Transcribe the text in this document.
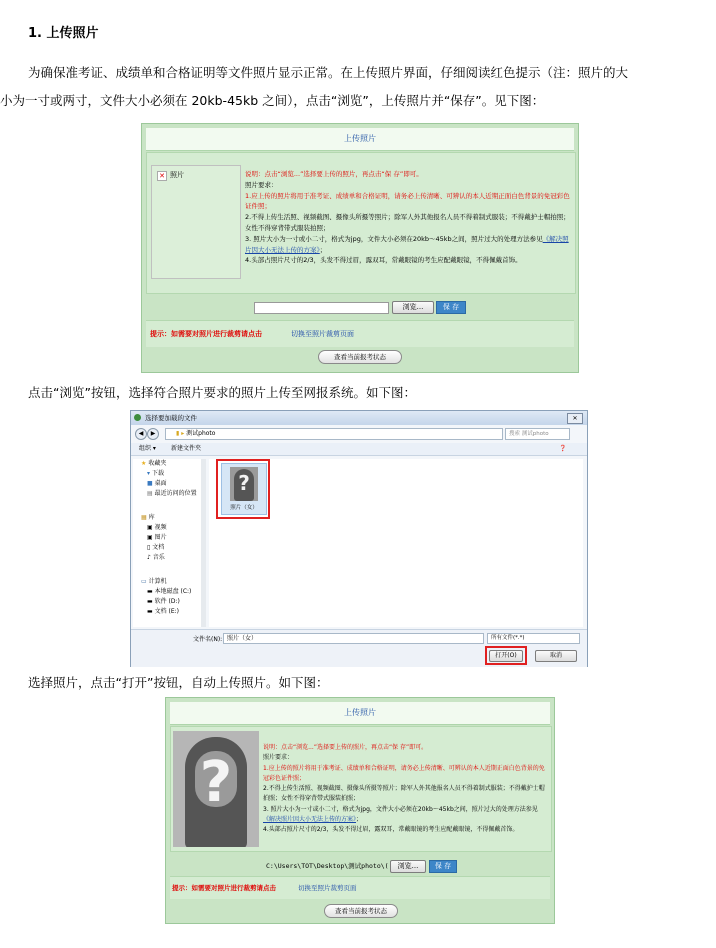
1. 上传照片
为确保准考证、成绩单和合格证明等文件照片显示正常。在上传照片界面，仔细阅读红色提示（注：照片的大
小为一寸或两寸，文件大小必须在 20kb-45kb 之间），点击“浏览”，上传照片并“保存”。见下图：
上传照片
✕ 照片	说明：点击“浏览...”选择要上传的照片，再点击“保 存”即可。
照片要求：
1.应上传的照片将用于准考证、成绩单和合格证明，请务必上传清晰、可辨认的本人近期正面白色背景的免冠彩色证件照；
2.不得上传生活照、视频截图、摄像头所摄等照片；除军人外其他报名人员不得着制式服装；不得戴护士帽拍照；女性不得穿背带式服装拍照；
3. 照片大小为一寸或小二寸，格式为jpg，文件大小必须在20kb～45kb之间，照片过大的处理方法参见《解决照片因大小无法上传的方案》；
4.头部占照片尺寸的2/3，头发不得过眉，露双耳，常戴眼镜的考生应配戴眼镜，不得佩戴首饰。
浏览...	保 存
提示：如需要对照片进行裁剪请点击	切换至照片裁剪页面
查看当前报考状态
点击“浏览”按钮，选择符合照片要求的照片上传至网报系统。如下图：
选择要加载的文件	✕
◀	▶	▮ ▸ 测试photo	搜索 测试photo
组织 ▾	新建文件夹	❓
★ 收藏夹
▾ 下载
■ 桌面
▤ 最近访问的位置
▦ 库
▣ 视频
▣ 图片
▯ 文档
♪ 音乐
▭ 计算机
▬ 本地磁盘 (C:)
▬ 软件 (D:)
▬ 文档 (E:)
?
照片（女）
文件名(N): 照片（女）	所有文件(*.*)
打开(O)	取消
选择照片，点击“打开”按钮，自动上传照片。如下图：
上传照片
?
说明：点击“浏览...”选择要上传的照片，再点击“保 存”即可。
照片要求：
1.应上传的照片将用于准考证、成绩单和合格证明，请务必上传清晰、可辨认的本人近期正面白色背景的免冠彩色证件照；
2.不得上传生活照、视频截图、摄像头所摄等照片；除军人外其他报名人员不得着制式服装；不得戴护士帽拍照；女性不得穿背带式服装拍照；
3. 照片大小为一寸或小二寸，格式为jpg，文件大小必须在20kb～45kb之间，照片过大的处理方法参见《解决照片因大小无法上传的方案》；
4.头部占照片尺寸的2/3，头发不得过眉，露双耳，常戴眼镜的考生应配戴眼镜，不得佩戴首饰。
C:\Users\TOT\Desktop\测试photo\(	浏览...	保 存
提示：如需要对照片进行裁剪请点击	切换至照片裁剪页面
查看当前报考状态
